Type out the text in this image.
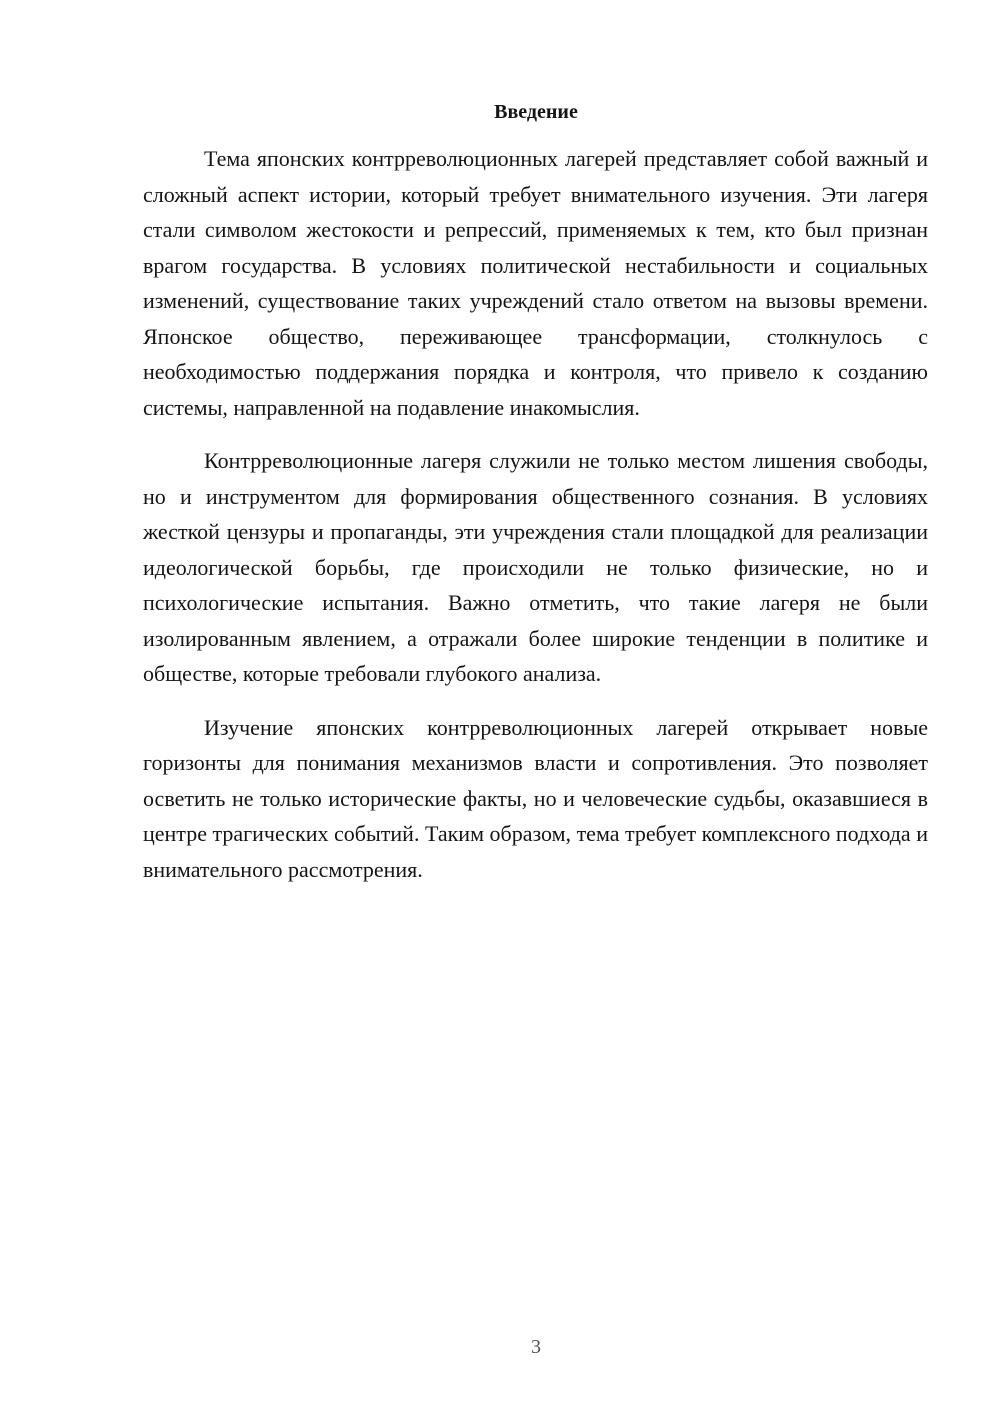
Введение

Тема японских контрреволюционных лагерей представляет собой важный и сложный аспект истории, который требует внимательного изучения. Эти лагеря стали символом жестокости и репрессий, применяемых к тем, кто был признан врагом государства. В условиях политической нестабильности и социальных изменений, существование таких учреждений стало ответом на вызовы времени. Японское общество, переживающее трансформации, столкнулось с необходимостью поддержания порядка и контроля, что привело к созданию системы, направленной на подавление инакомыслия.

Контрреволюционные лагеря служили не только местом лишения свободы, но и инструментом для формирования общественного сознания. В условиях жесткой цензуры и пропаганды, эти учреждения стали площадкой для реализации идеологической борьбы, где происходили не только физические, но и психологические испытания. Важно отметить, что такие лагеря не были изолированным явлением, а отражали более широкие тенденции в политике и обществе, которые требовали глубокого анализа.

Изучение японских контрреволюционных лагерей открывает новые горизонты для понимания механизмов власти и сопротивления. Это позволяет осветить не только исторические факты, но и человеческие судьбы, оказавшиеся в центре трагических событий. Таким образом, тема требует комплексного подхода и внимательного рассмотрения.

3
